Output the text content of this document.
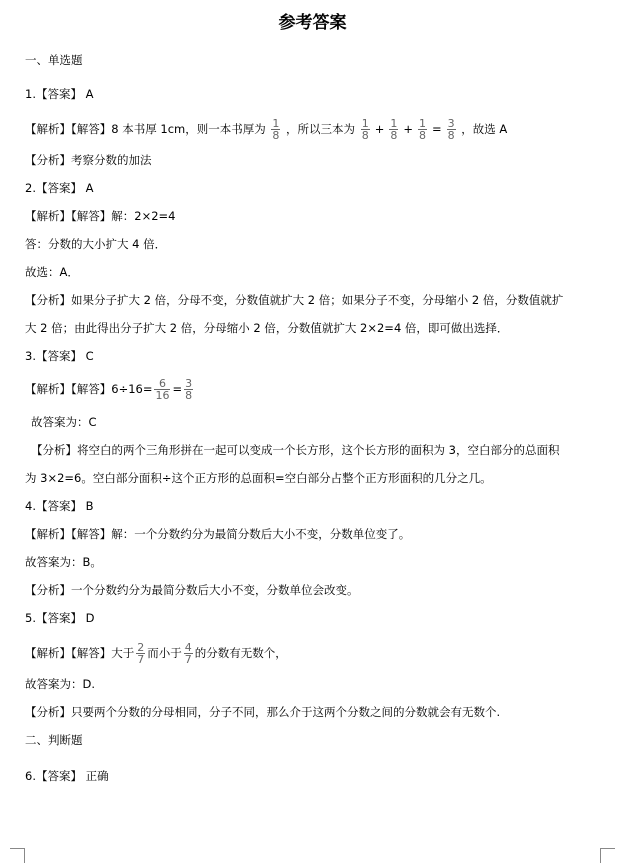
参考答案
一、单选题
1.【答案】 A
【解析】【解答】8 本书厚 1cm，则一本书厚为 $\frac{1}{8}$ ，所以三本为 $\frac{1}{8} + \frac{1}{8} + \frac{1}{8} = \frac{3}{8}$ ，故选 A
【分析】考察分数的加法
2.【答案】 A
【解析】【解答】解：2×2=4
答：分数的大小扩大 4 倍．
故选：A．
【分析】如果分子扩大 2 倍，分母不变，分数值就扩大 2 倍；如果分子不变，分母缩小 2 倍，分数值就扩
大 2 倍；由此得出分子扩大 2 倍，分母缩小 2 倍，分数值就扩大 2×2=4 倍，即可做出选择．
3.【答案】 C
【解析】【解答】$6\div 16= \frac{6}{16} = \frac{3}{8}$
故答案为：C
【分析】将空白的两个三角形拼在一起可以变成一个长方形，这个长方形的面积为 3，空白部分的总面积
为 3×2=6。空白部分面积÷这个正方形的总面积=空白部分占整个正方形面积的几分之几。
4.【答案】 B
【解析】【解答】解：一个分数约分为最简分数后大小不变，分数单位变了。
故答案为：B。
【分析】一个分数约分为最简分数后大小不变，分数单位会改变。
5.【答案】 D
【解析】【解答】大于 $\frac{2}{7}$ 而小于 $\frac{4}{7}$ 的分数有无数个，
故答案为：D.
【分析】只要两个分数的分母相同，分子不同，那么介于这两个分数之间的分数就会有无数个.
二、判断题
6.【答案】 正确
